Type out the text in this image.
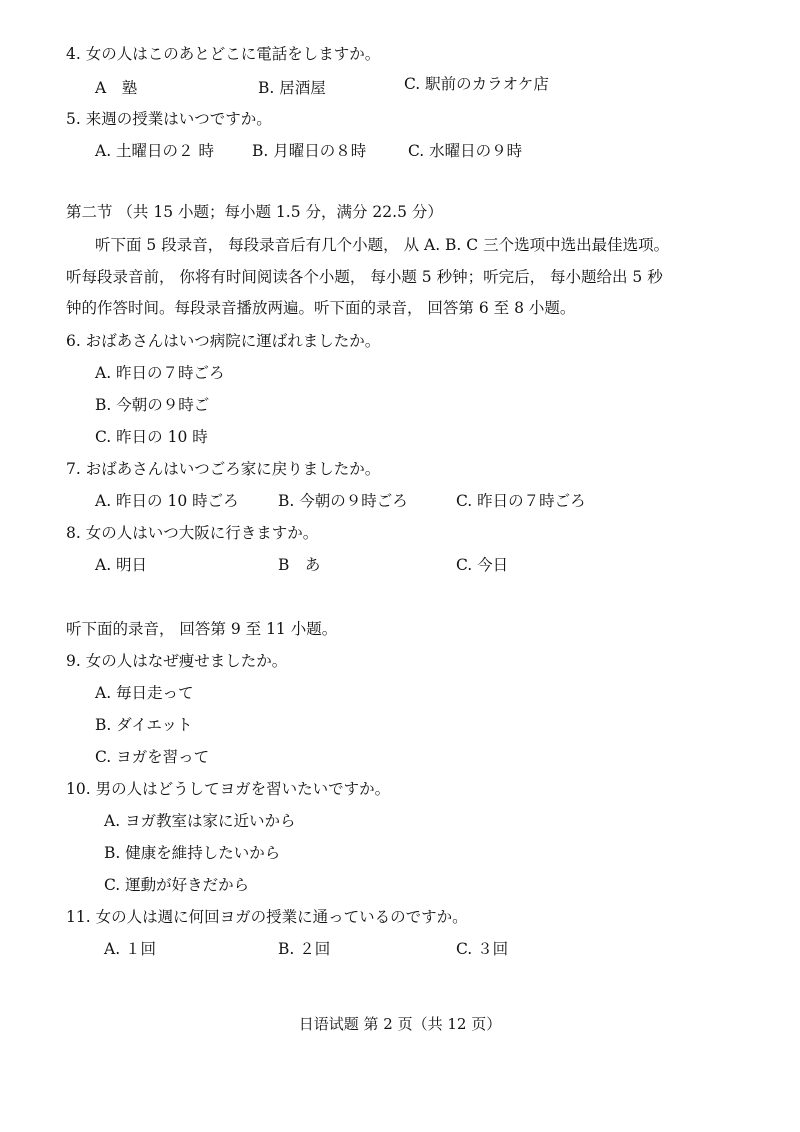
4. 女の人はこのあとどこに電話をしますか。
A　塾	B. 居酒屋	C. 駅前のカラオケ店
5. 来週の授業はいつですか。
A. 土曜日の２ 時 B. 月曜日の８時	C. 水曜日の９時
第二节 （共 15 小题；每小题 1.5 分，满分 22.5 分）
听下面 5 段录音， 每段录音后有几个小题， 从 A. B. C 三个选项中选出最佳选项。
听每段录音前， 你将有时间阅读各个小题， 每小题 5 秒钟；听完后， 每小题给出 5 秒
钟的作答时间。每段录音播放两遍。听下面的录音， 回答第 6 至 8 小题。
6. おばあさんはいつ病院に運ばれましたか。
A. 昨日の７時ごろ
B. 今朝の９時ご
C. 昨日の 10 時
7. おばあさんはいつごろ家に戻りましたか。
A. 昨日の 10 時ごろ	B. 今朝の９時ごろ	C. 昨日の７時ごろ
8. 女の人はいつ大阪に行きますか。
A. 明日	B　あ	C. 今日
听下面的录音， 回答第 9 至 11 小题。
9. 女の人はなぜ痩せましたか。
A. 毎日走って
B. ダイエット
C. ヨガを習って
10. 男の人はどうしてヨガを習いたいですか。
A. ヨガ教室は家に近いから
B. 健康を維持したいから
C. 運動が好きだから
11. 女の人は週に何回ヨガの授業に通っているのですか。
A. １回	B. ２回	C. ３回
日语试题 第 2 页（共 12 页）
